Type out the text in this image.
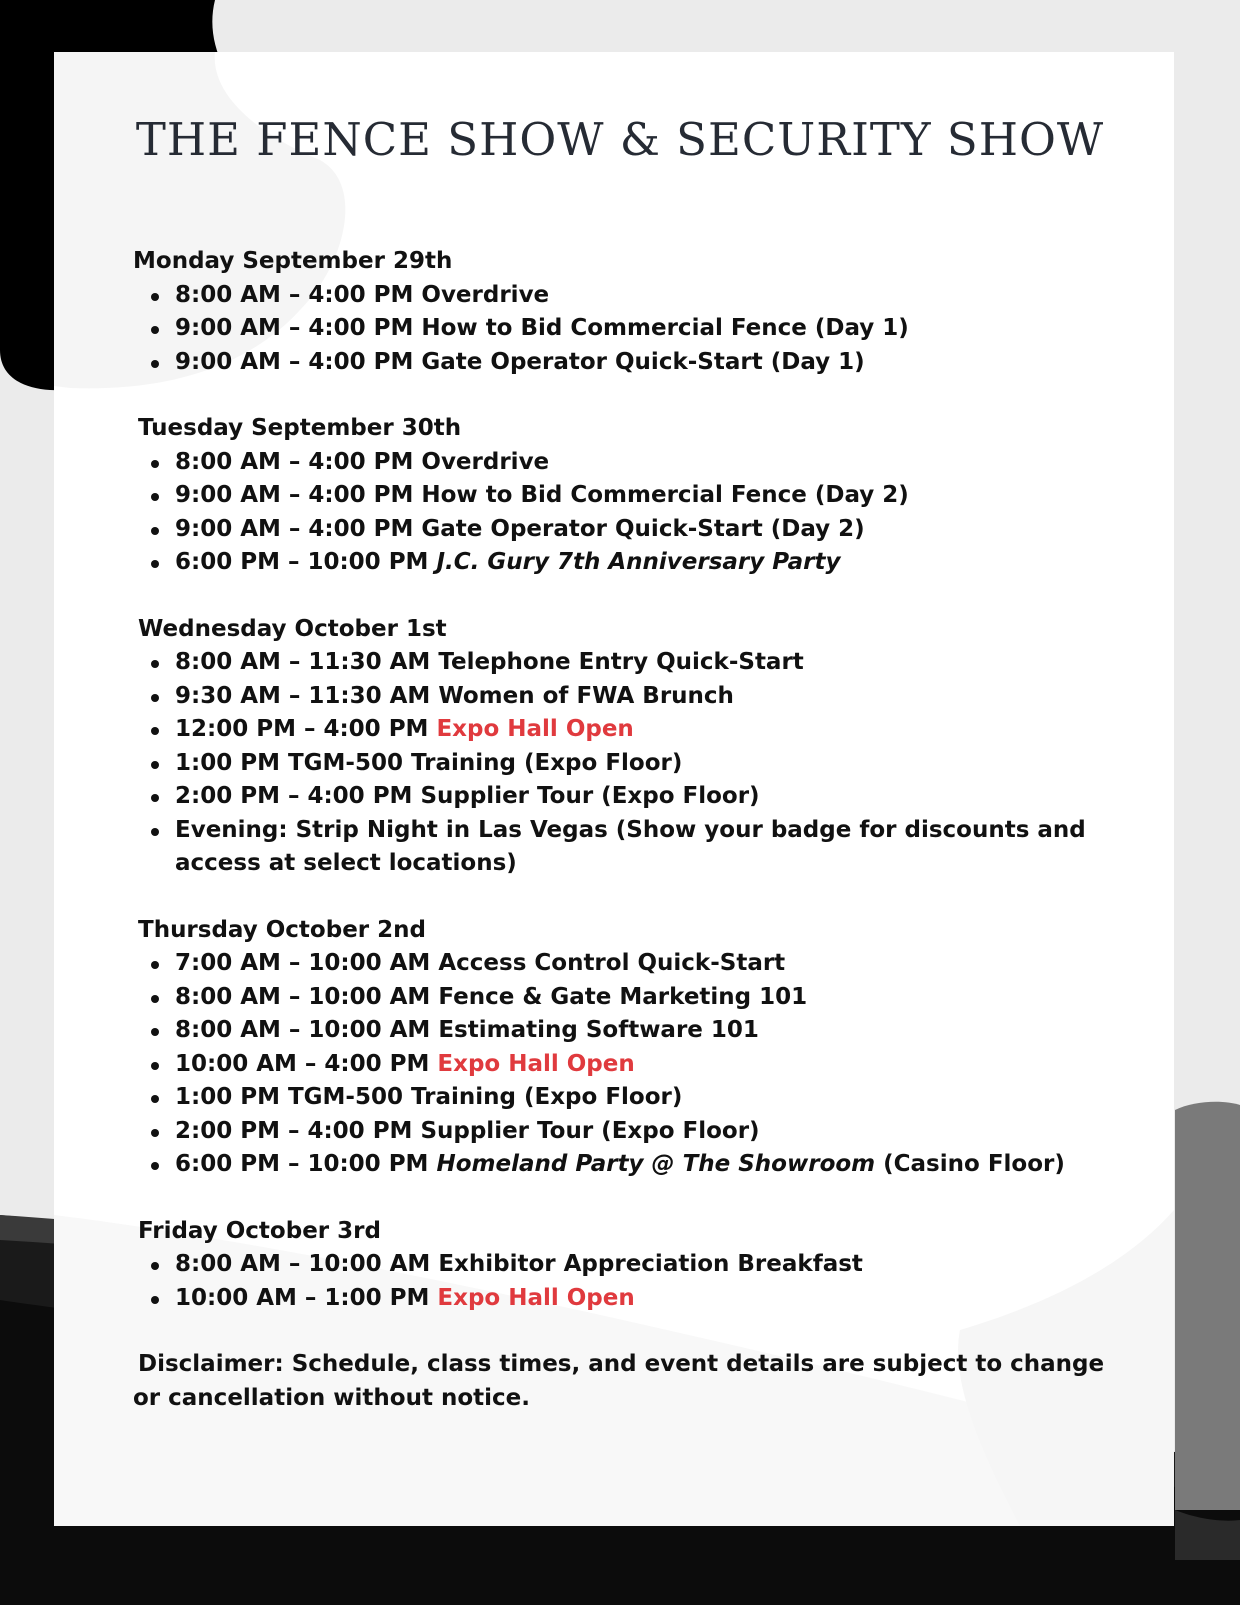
THE FENCE SHOW & SECURITY SHOW

Monday September 29th

8:00 AM – 4:00 PM Overdrive
9:00 AM – 4:00 PM How to Bid Commercial Fence (Day 1)
9:00 AM – 4:00 PM Gate Operator Quick-Start (Day 1)

Tuesday September 30th

8:00 AM – 4:00 PM Overdrive
9:00 AM – 4:00 PM How to Bid Commercial Fence (Day 2)
9:00 AM – 4:00 PM Gate Operator Quick-Start (Day 2)
6:00 PM – 10:00 PM J.C. Gury 7th Anniversary Party

Wednesday October 1st

8:00 AM – 11:30 AM Telephone Entry Quick-Start
9:30 AM – 11:30 AM Women of FWA Brunch
12:00 PM – 4:00 PM Expo Hall Open
1:00 PM TGM-500 Training (Expo Floor)
2:00 PM – 4:00 PM Supplier Tour (Expo Floor)
Evening: Strip Night in Las Vegas (Show your badge for discounts and access at select locations)

Thursday October 2nd

7:00 AM – 10:00 AM Access Control Quick-Start
8:00 AM – 10:00 AM Fence & Gate Marketing 101
8:00 AM – 10:00 AM Estimating Software 101
10:00 AM – 4:00 PM Expo Hall Open
1:00 PM TGM-500 Training (Expo Floor)
2:00 PM – 4:00 PM Supplier Tour (Expo Floor)
6:00 PM – 10:00 PM Homeland Party @ The Showroom (Casino Floor)

Friday October 3rd

8:00 AM – 10:00 AM Exhibitor Appreciation Breakfast
10:00 AM – 1:00 PM Expo Hall Open

Disclaimer: Schedule, class times, and event details are subject to change or cancellation without notice.
